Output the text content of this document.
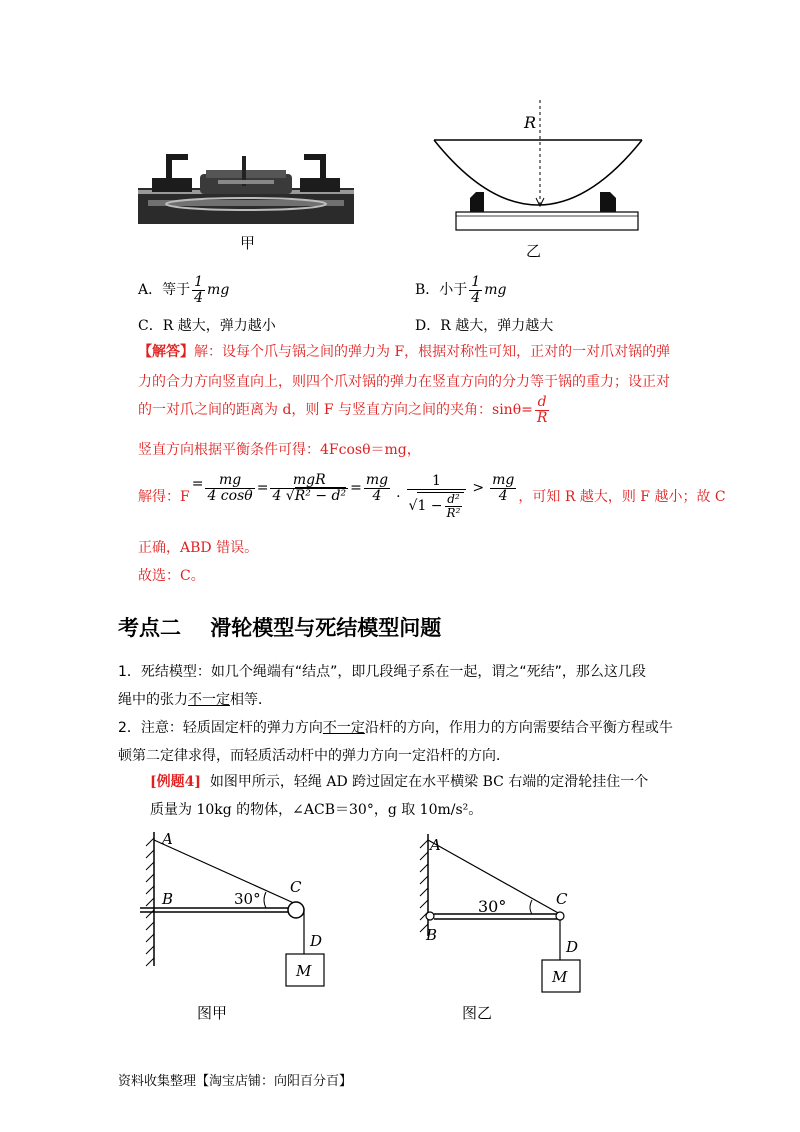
甲
R
乙
A．等于 $\frac{1}{4}$ mg	B．小于 $\frac{1}{4}$ mg
C．R 越大，弹力越小	D．R 越大，弹力越大
【解答】解：设每个爪与锅之间的弹力为 F，根据对称性可知，正对的一对爪对锅的弹
力的合力方向竖直向上，则四个爪对锅的弹力在竖直方向的分力等于锅的重力；设正对
的一对爪之间的距离为 d，则 F 与竖直方向之间的夹角：$\sin\theta= \frac{d}{R}$
竖直方向根据平衡条件可得：4Fcosθ＝mg，
解得：F
= $\frac{mg}{4 \cos\theta} = \frac{\text{mgR}}{\text{4 √R² − d²}} = \frac{mg}{4} \cdot \frac{1}{√ 1 - \frac{\text{d²}}{\text{R²}}} > \frac{mg}{4}$ ，可知 R 越大，则 F 越小；故 C
正确，ABD 错误。
故选：C。
考点二    滑轮模型与死结模型问题
1．死结模型：如几个绳端有“结点”，即几段绳子系在一起，谓之“死结”，那么这几段
绳中的张力不一定相等．
2．注意：轻质固定杆的弹力方向不一定沿杆的方向，作用力的方向需要结合平衡方程或牛
顿第二定律求得，而轻质活动杆中的弹力方向一定沿杆的方向．
[例题4] 如图甲所示，轻绳 AD 跨过固定在水平横梁 BC 右端的定滑轮挂住一个
质量为 10kg 的物体，∠ACB＝30°，g 取 10m/s²。
A
B	30°
C
D
M
图甲
A
B
30°	C
D
M
图乙
资料收集整理【淘宝店铺：向阳百分百】
